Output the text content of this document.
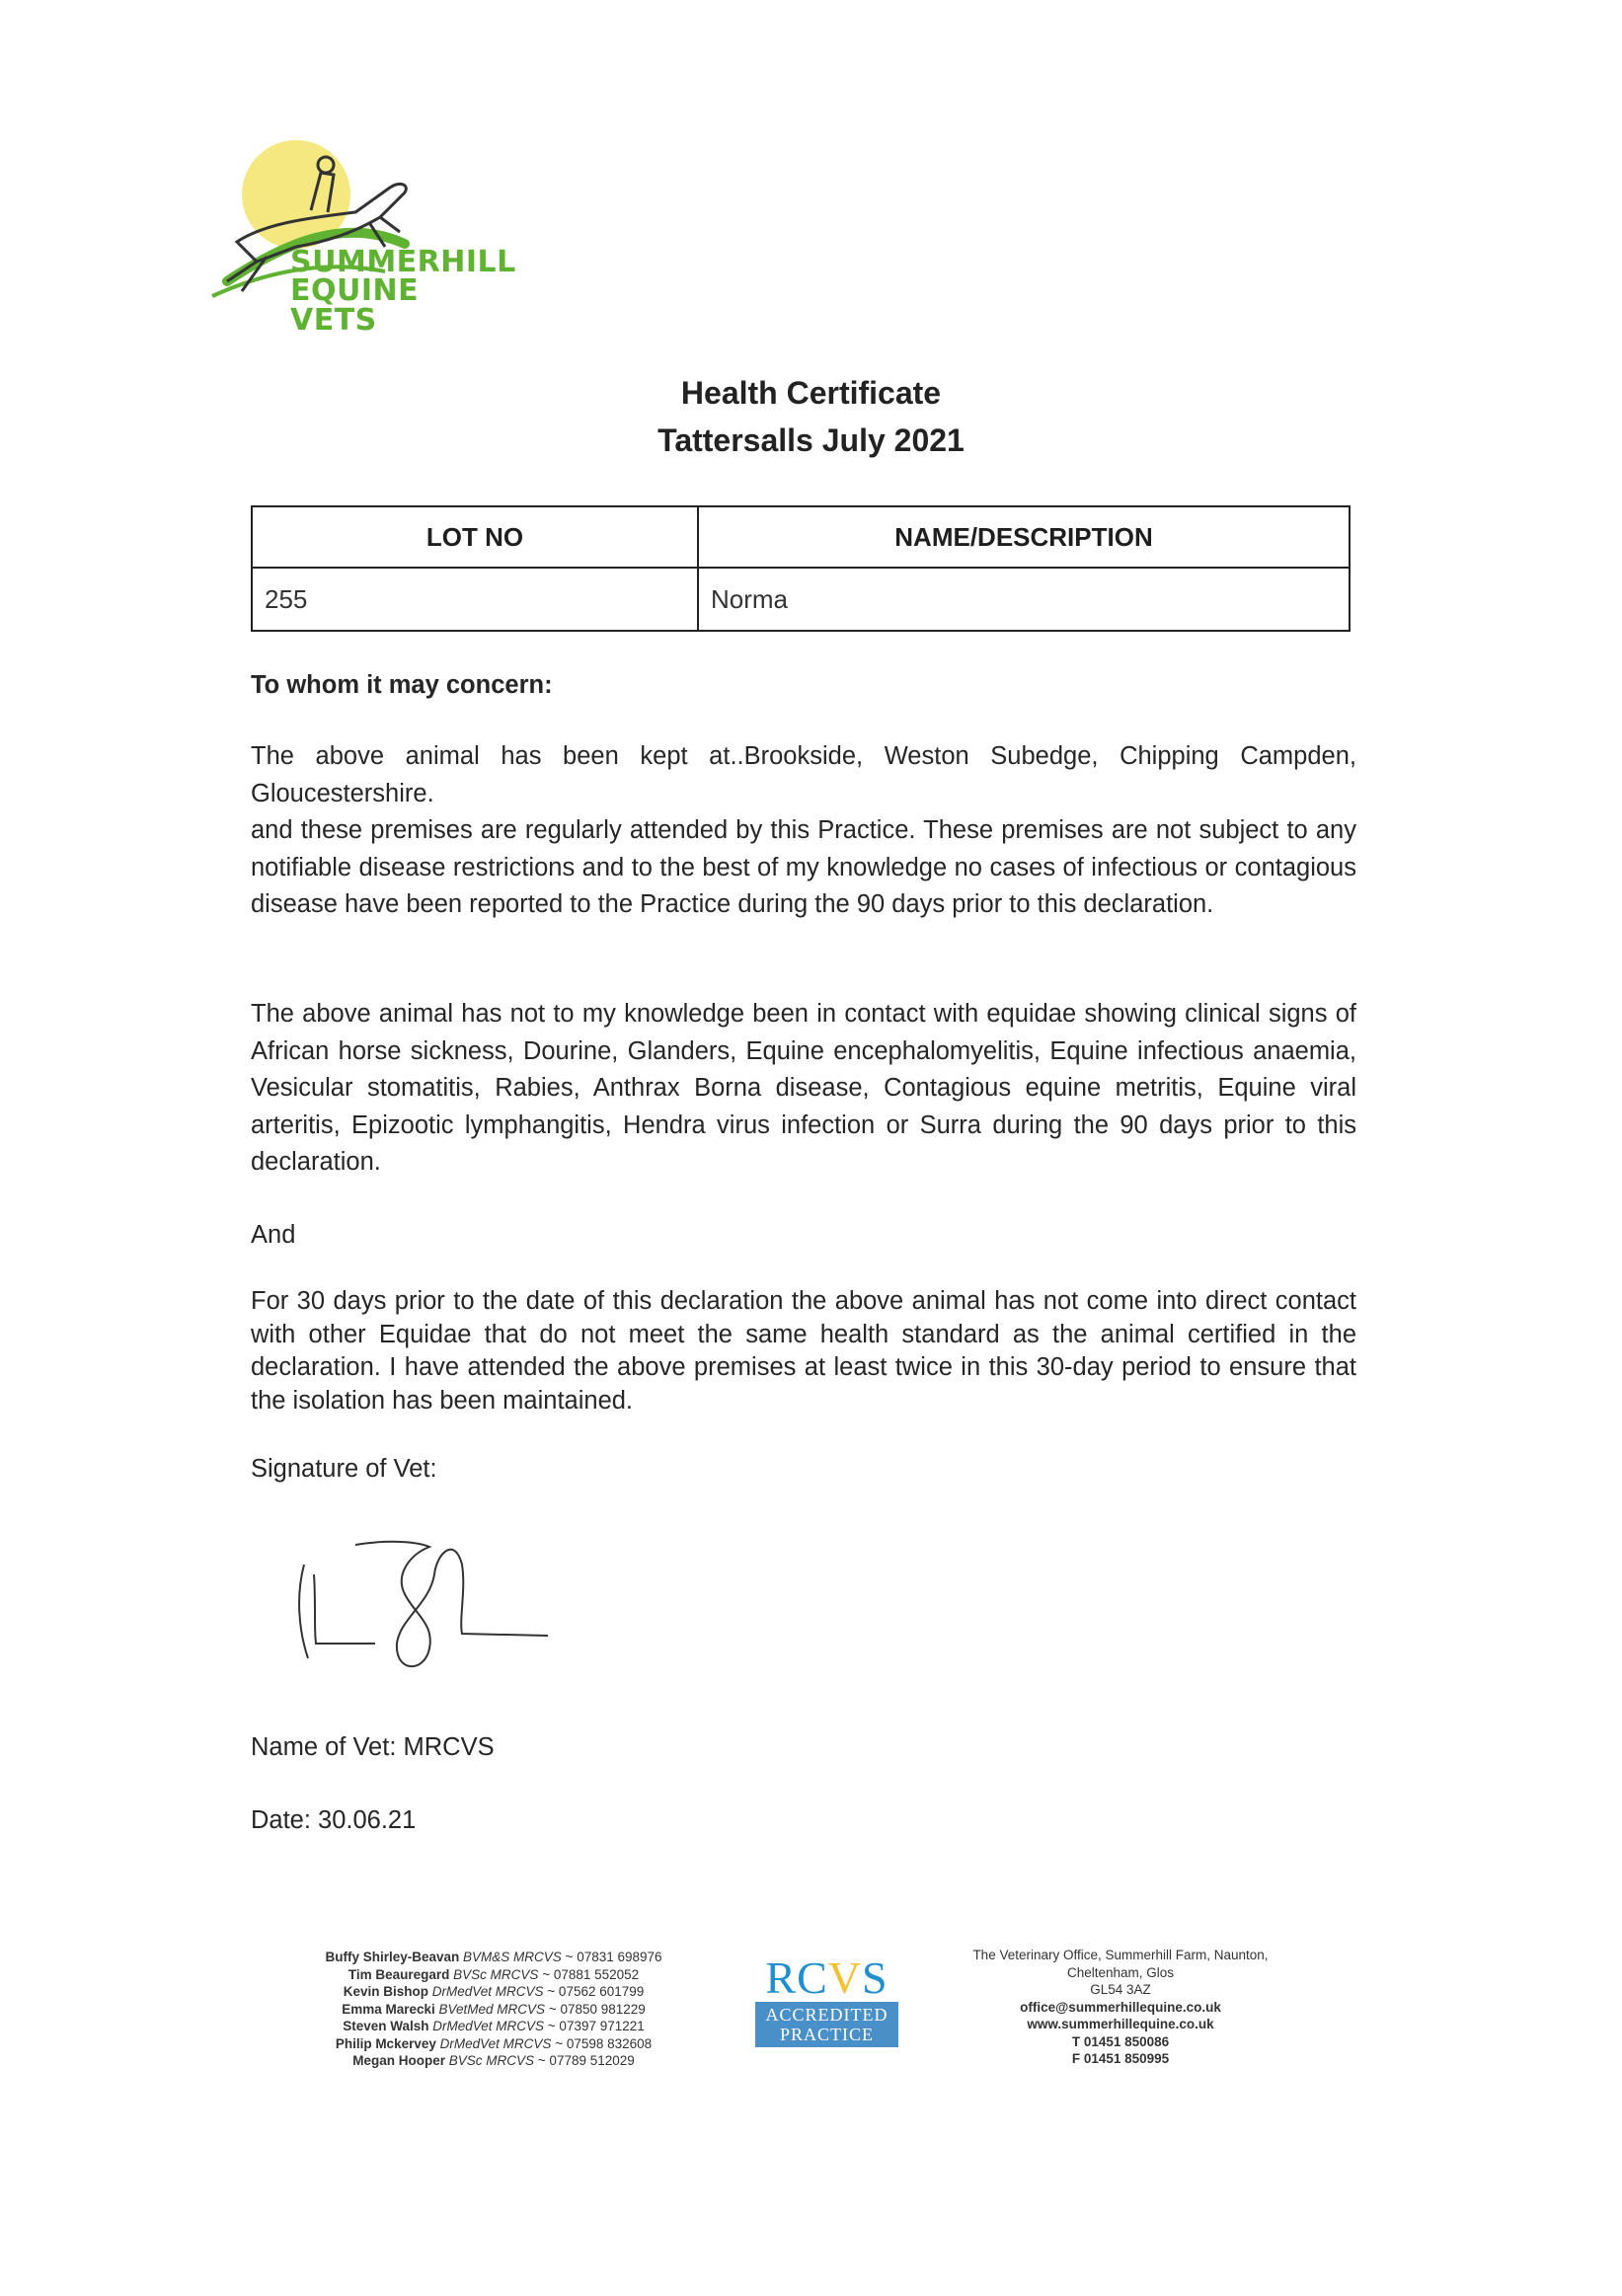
SUMMERHILL
EQUINE VETS
Health Certificate
Tattersalls July 2021
LOT NO	NAME/DESCRIPTION
255	Norma
To whom it may concern:
The above animal has been kept at..Brookside, Weston Subedge, Chipping Campden, Gloucestershire.
and these premises are regularly attended by this Practice. These premises are not subject to any notifiable disease restrictions and to the best of my knowledge no cases of infectious or contagious disease have been reported to the Practice during the 90 days prior to this declaration.
The above animal has not to my knowledge been in contact with equidae showing clinical signs of African horse sickness, Dourine, Glanders, Equine encephalomyelitis, Equine infectious anaemia, Vesicular stomatitis, Rabies, Anthrax Borna disease, Contagious equine metritis, Equine viral arteritis, Epizootic lymphangitis, Hendra virus infection or Surra during the 90 days prior to this declaration.
And
For 30 days prior to the date of this declaration the above animal has not come into direct contact with other Equidae that do not meet the same health standard as the animal certified in the declaration. I have attended the above premises at least twice in this 30-day period to ensure that the isolation has been maintained.
Signature of Vet:
Name of Vet: MRCVS
Date: 30.06.21
Buffy Shirley-Beavan BVM&S MRCVS ~ 07831 698976
Tim Beauregard BVSc MRCVS ~ 07881 552052
Kevin Bishop DrMedVet MRCVS ~ 07562 601799
Emma Marecki BVetMed MRCVS ~ 07850 981229
Steven Walsh DrMedVet MRCVS ~ 07397 971221
Philip Mckervey DrMedVet MRCVS ~ 07598 832608
Megan Hooper BVSc MRCVS ~ 07789 512029
RCVS
ACCREDITED
PRACTICE
The Veterinary Office, Summerhill Farm, Naunton,
Cheltenham, Glos
GL54 3AZ
office@summerhillequine.co.uk
www.summerhillequine.co.uk
T 01451 850086
F 01451 850995
